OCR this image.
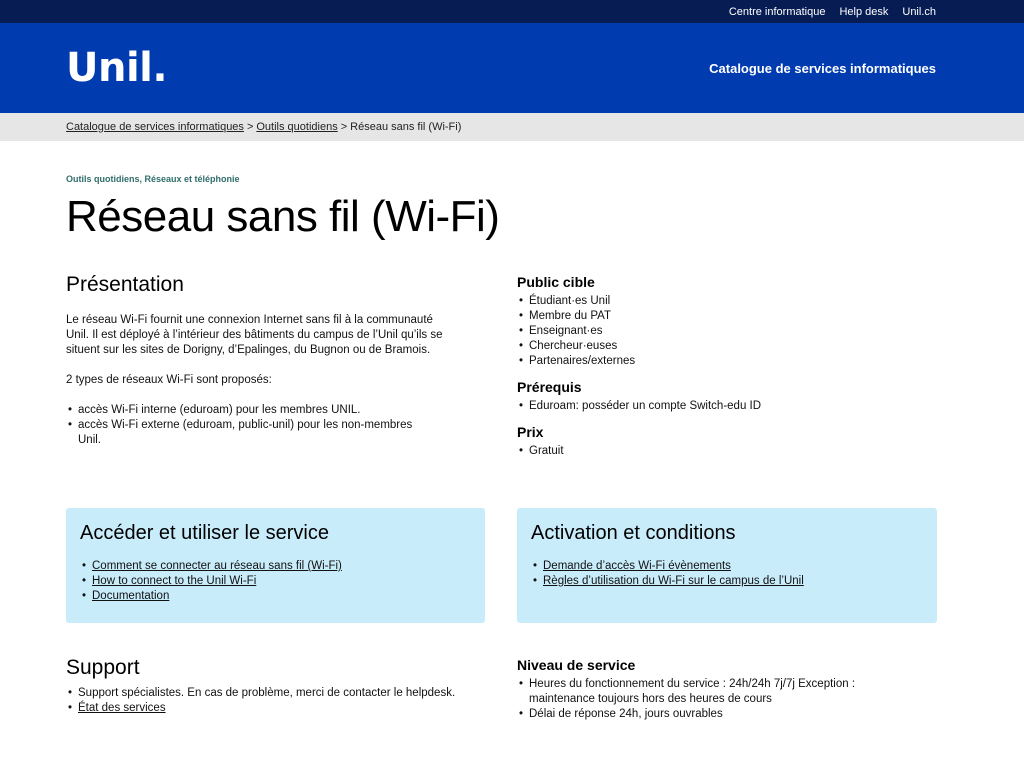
Centre informatique Help desk Unil.ch
Unil .	Catalogue de services informatiques
Catalogue de services informatiques > Outils quotidiens > Réseau sans fil (Wi-Fi)
Outils quotidiens, Réseaux et téléphonie
Réseau sans fil (Wi-Fi)
Présentation

Le réseau Wi-Fi fournit une connexion Internet sans fil à la communauté Unil. Il est déployé à l’intérieur des bâtiments du campus de l’Unil qu’ils se situent sur les sites de Dorigny, d’Epalinges, du Bugnon ou de Bramois.

2 types de réseaux Wi-Fi sont proposés:

• accès Wi-Fi interne (eduroam) pour les membres UNIL.
• accès Wi-Fi externe (eduroam, public-unil) pour les non-membres Unil.
Public cible
• Étudiant·es Unil
• Membre du PAT
• Enseignant·es
• Chercheur·euses
• Partenaires/externes
Prérequis
• Eduroam: posséder un compte Switch-edu ID
Prix
• Gratuit
Accéder et utiliser le service
• Comment se connecter au réseau sans fil (Wi-Fi)
• How to connect to the Unil Wi-Fi
• Documentation
Activation et conditions
• Demande d’accès Wi-Fi évènements
• Règles d’utilisation du Wi-Fi sur le campus de l’Unil
Support
• Support spécialistes. En cas de problème, merci de contacter le helpdesk.
• État des services
Niveau de service
• Heures du fonctionnement du service : 24h/24h 7j/7j Exception : maintenance toujours hors des heures de cours
• Délai de réponse 24h, jours ouvrables
